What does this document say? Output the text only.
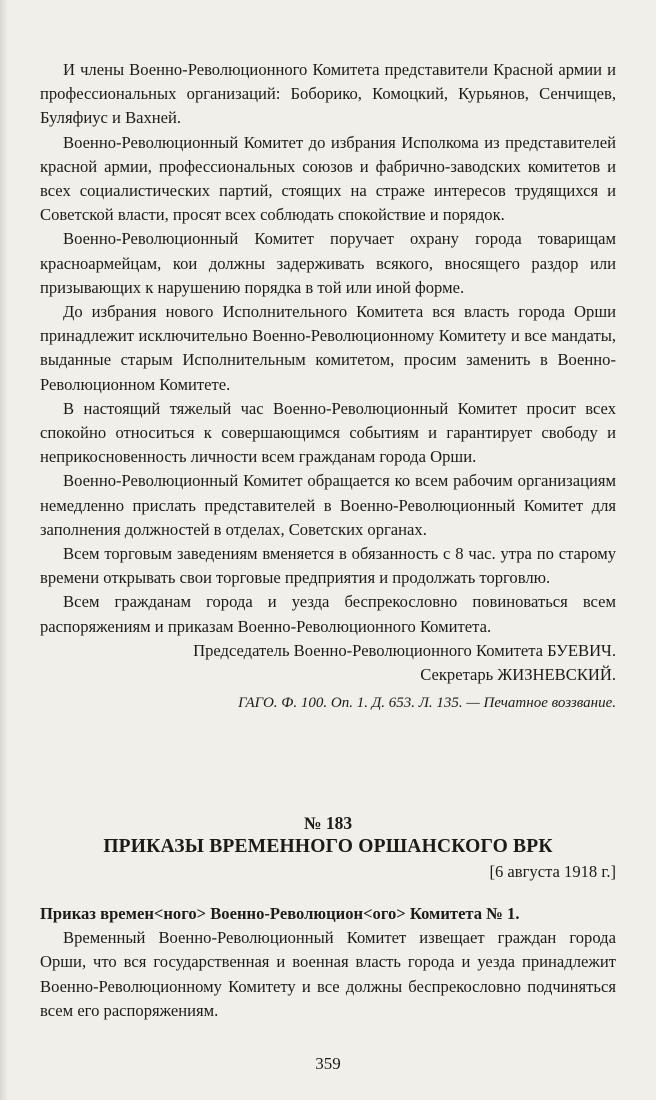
И члены Военно-Революционного Комитета представители Красной армии и профессиональных организаций: Боборико, Комоцкий, Курьянов, Сенчищев, Буляфиус и Вахней.

Военно-Революционный Комитет до избрания Исполкома из представителей красной армии, профессиональных союзов и фабрично-заводских комитетов и всех социалистических партий, стоящих на страже интересов трудящихся и Советской власти, просят всех соблюдать спокойствие и порядок.

Военно-Революционный Комитет поручает охрану города товарищам красноармейцам, кои должны задерживать всякого, вносящего раздор или призывающих к нарушению порядка в той или иной форме.

До избрания нового Исполнительного Комитета вся власть города Орши принадлежит исключительно Военно-Революционному Комитету и все мандаты, выданные старым Исполнительным комитетом, просим заменить в Военно-Революционном Комитете.

В настоящий тяжелый час Военно-Революционный Комитет просит всех спокойно относиться к совершающимся событиям и гарантирует свободу и неприкосновенность личности всем гражданам города Орши.

Военно-Революционный Комитет обращается ко всем рабочим организациям немедленно прислать представителей в Военно-Революционный Комитет для заполнения должностей в отделах, Советских органах.

Всем торговым заведениям вменяется в обязанность с 8 час. утра по старому времени открывать свои торговые предприятия и продолжать торговлю.

Всем гражданам города и уезда беспрекословно повиноваться всем распоряжениям и приказам Военно-Революционного Комитета.

Председатель Военно-Революционного Комитета БУЕВИЧ.
Секретарь ЖИЗНЕВСКИЙ.
ГАГО. Ф. 100. Оп. 1. Д. 653. Л. 135. — Печатное воззвание.
№ 183
ПРИКАЗЫ ВРЕМЕННОГО ОРШАНСКОГО ВРК
[6 августа 1918 г.]
Приказ времен<ного> Военно-Революцион<ого> Комитета № 1.

Временный Военно-Революционный Комитет извещает граждан города Орши, что вся государственная и военная власть города и уезда принадлежит Военно-Революционному Комитету и все должны беспрекословно подчиняться всем его распоряжениям.

359
